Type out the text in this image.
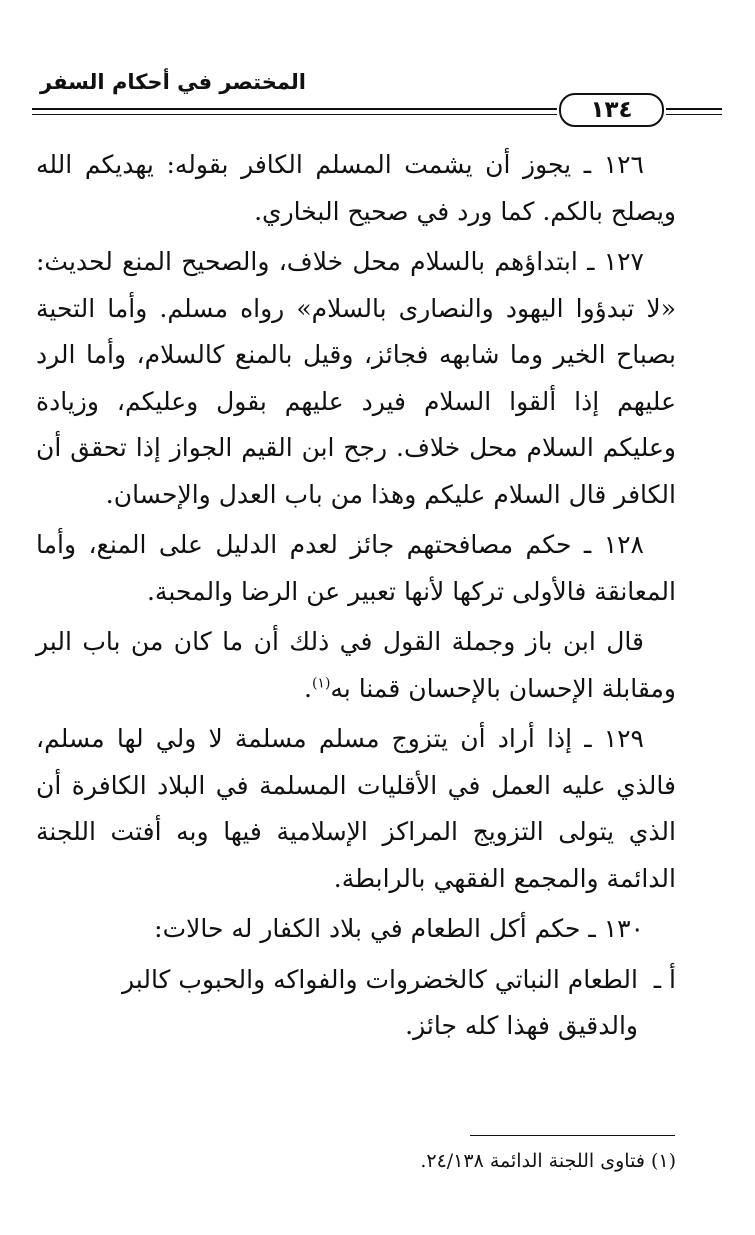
المختصر في أحكام السفر
١٣٤

١٢٦ ـ يجوز أن يشمت المسلم الكافر بقوله: يهديكم الله ويصلح بالكم. كما ورد في صحيح البخاري.

١٢٧ ـ ابتداؤهم بالسلام محل خلاف، والصحيح المنع لحديث: «لا تبدؤوا اليهود والنصارى بالسلام» رواه مسلم. وأما التحية بصباح الخير وما شابهه فجائز، وقيل بالمنع كالسلام، وأما الرد عليهم إذا ألقوا السلام فيرد عليهم بقول وعليكم، وزيادة وعليكم السلام محل خلاف. رجح ابن القيم الجواز إذا تحقق أن الكافر قال السلام عليكم وهذا من باب العدل والإحسان.

١٢٨ ـ حكم مصافحتهم جائز لعدم الدليل على المنع، وأما المعانقة فالأولى تركها لأنها تعبير عن الرضا والمحبة.

قال ابن باز وجملة القول في ذلك أن ما كان من باب البر ومقابلة الإحسان بالإحسان قمنا به$^{(١)}$.

١٢٩ ـ إذا أراد أن يتزوج مسلم مسلمة لا ولي لها مسلم، فالذي عليه العمل في الأقليات المسلمة في البلاد الكافرة أن الذي يتولى التزويج المراكز الإسلامية فيها وبه أفتت اللجنة الدائمة والمجمع الفقهي بالرابطة.

١٣٠ ـ حكم أكل الطعام في بلاد الكفار له حالات:

أ ـالطعام النباتي كالخضروات والفواكه والحبوب كالبر

والدقيق فهذا كله جائز.

(١) فتاوى اللجنة الدائمة ٢٤/١٣٨.
